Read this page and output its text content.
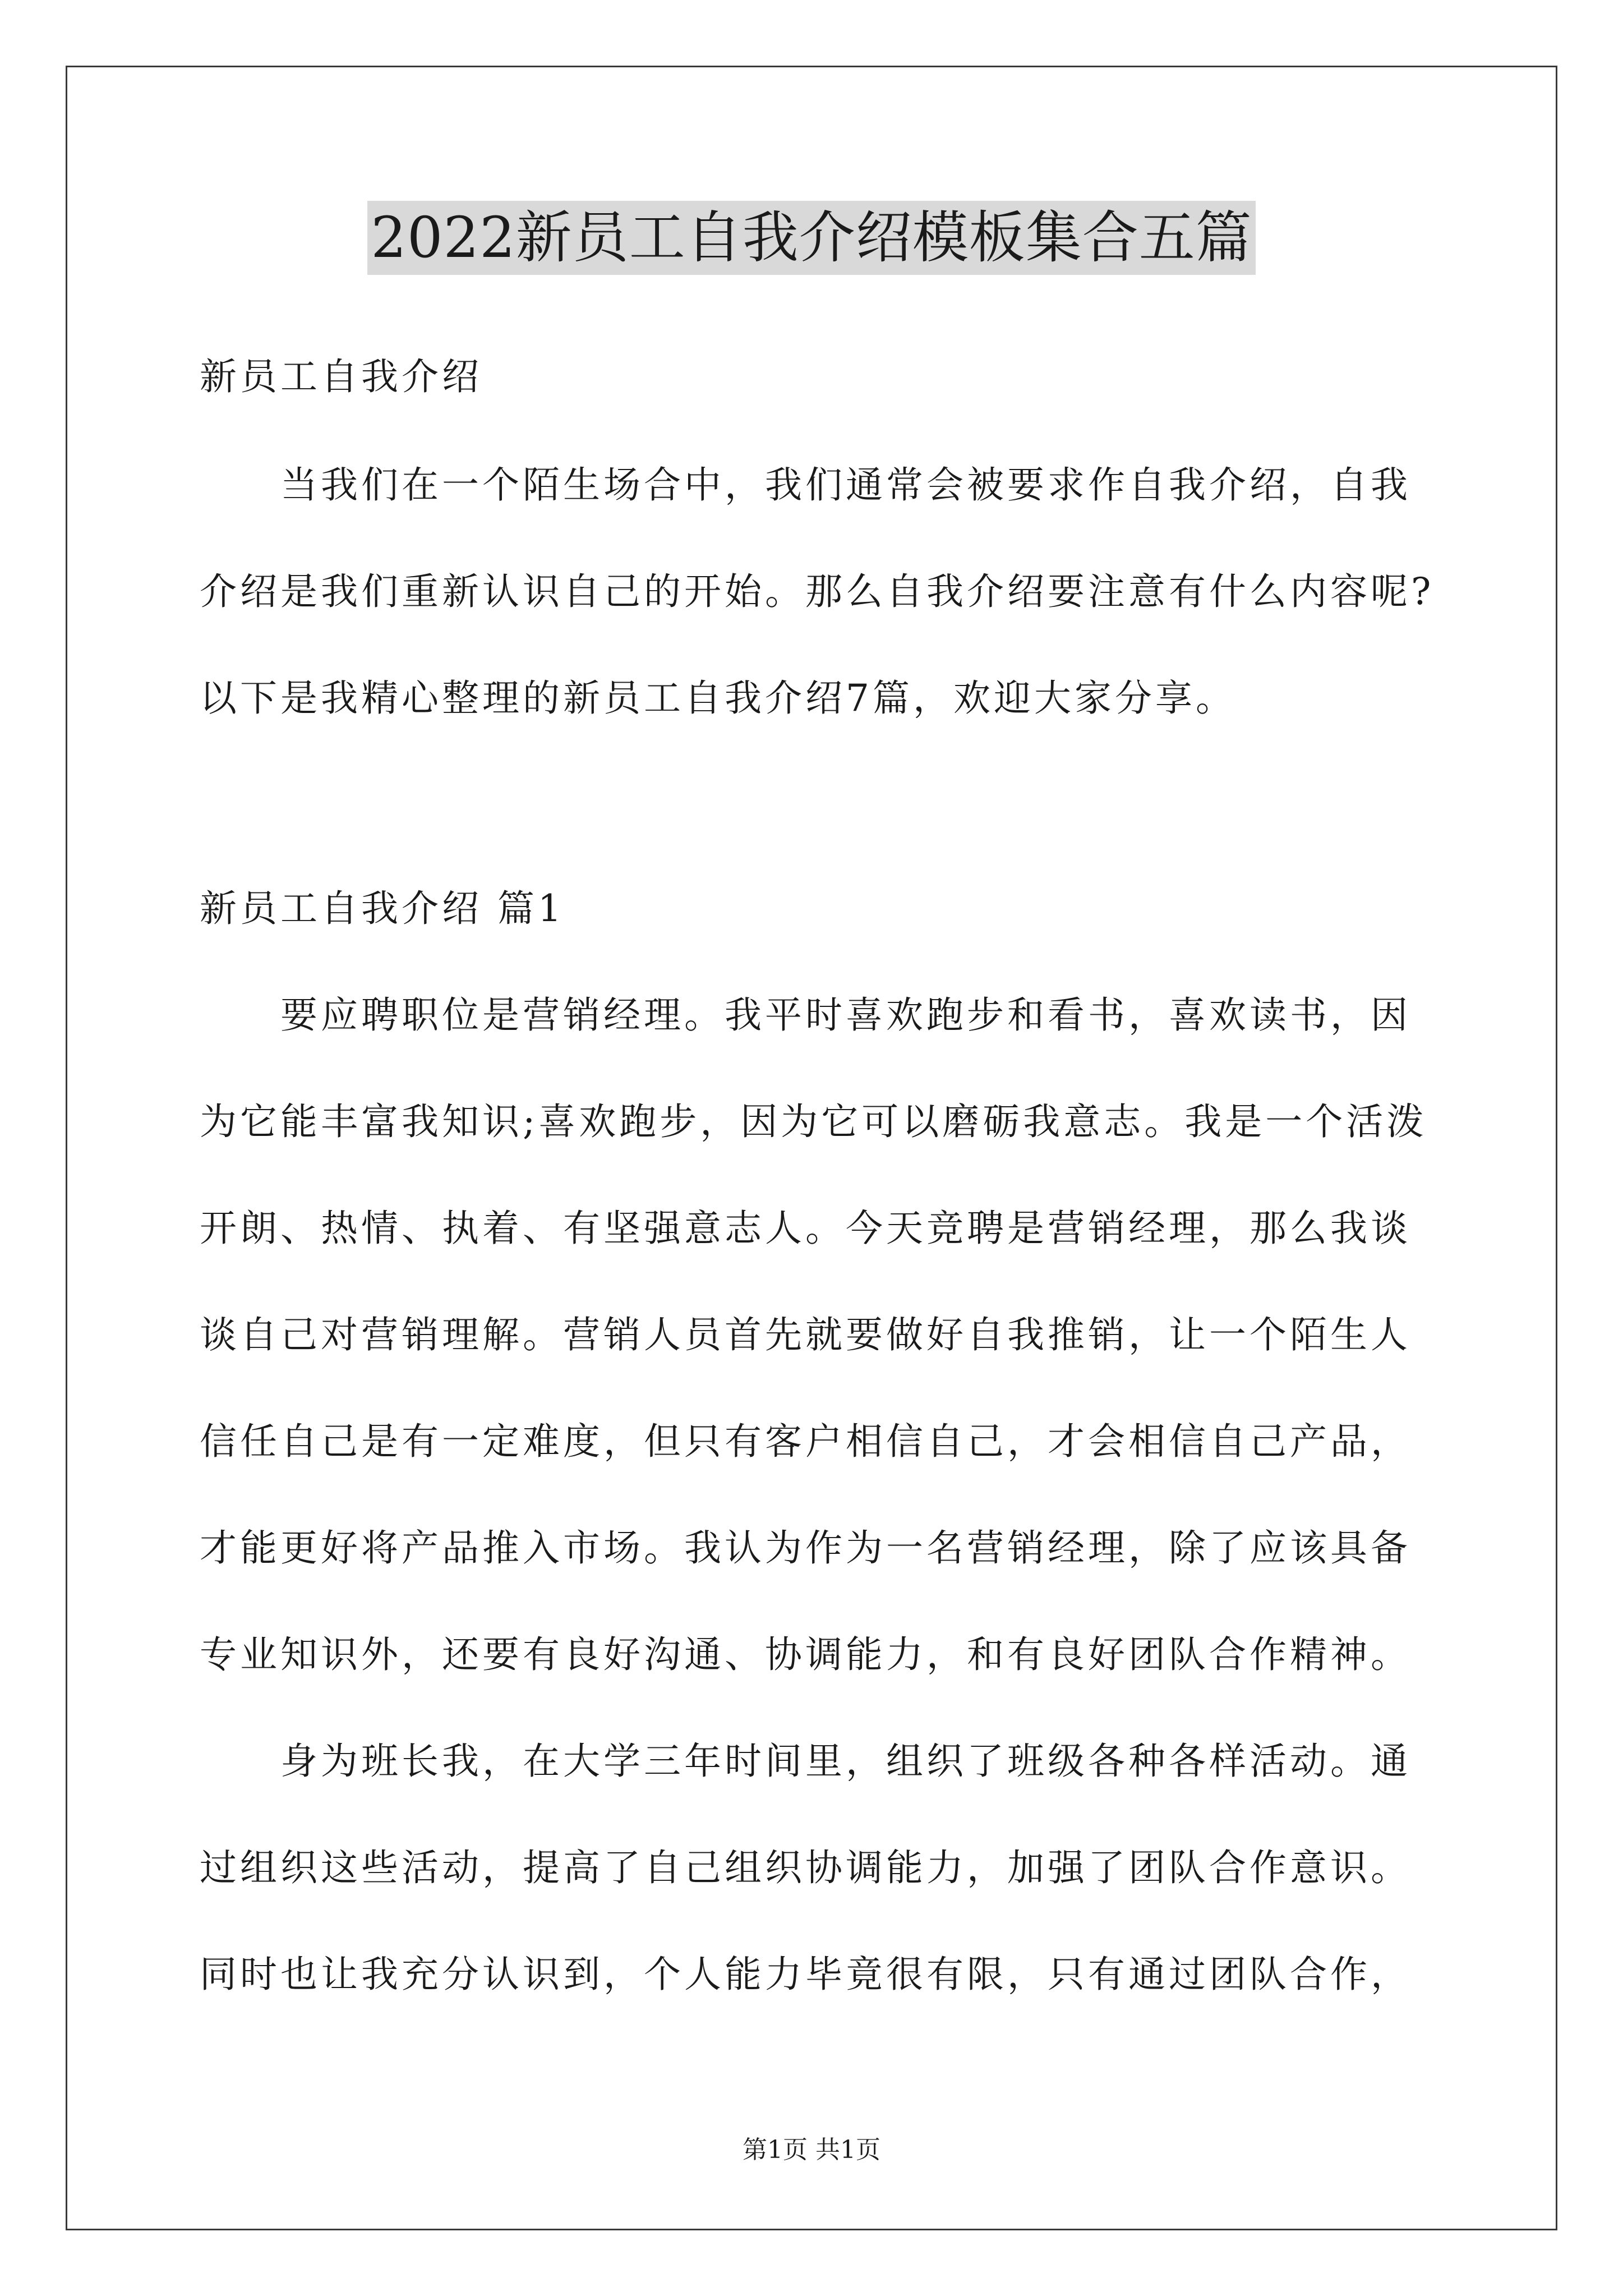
2022新员工自我介绍模板集合五篇
新员工自我介绍
当我们在一个陌生场合中，我们通常会被要求作自我介绍，自我
介绍是我们重新认识自己的开始。那么自我介绍要注意有什么内容呢?
以下是我精心整理的新员工自我介绍7篇，欢迎大家分享。
新员工自我介绍 篇1
要应聘职位是营销经理。我平时喜欢跑步和看书，喜欢读书，因
为它能丰富我知识;喜欢跑步，因为它可以磨砺我意志。我是一个活泼
开朗、热情、执着、有坚强意志人。今天竞聘是营销经理，那么我谈
谈自己对营销理解。营销人员首先就要做好自我推销，让一个陌生人
信任自己是有一定难度，但只有客户相信自己，才会相信自己产品，
才能更好将产品推入市场。我认为作为一名营销经理，除了应该具备
专业知识外，还要有良好沟通、协调能力，和有良好团队合作精神。
身为班长我，在大学三年时间里，组织了班级各种各样活动。通
过组织这些活动，提高了自己组织协调能力，加强了团队合作意识。
同时也让我充分认识到，个人能力毕竟很有限，只有通过团队合作，
第1页 共1页
